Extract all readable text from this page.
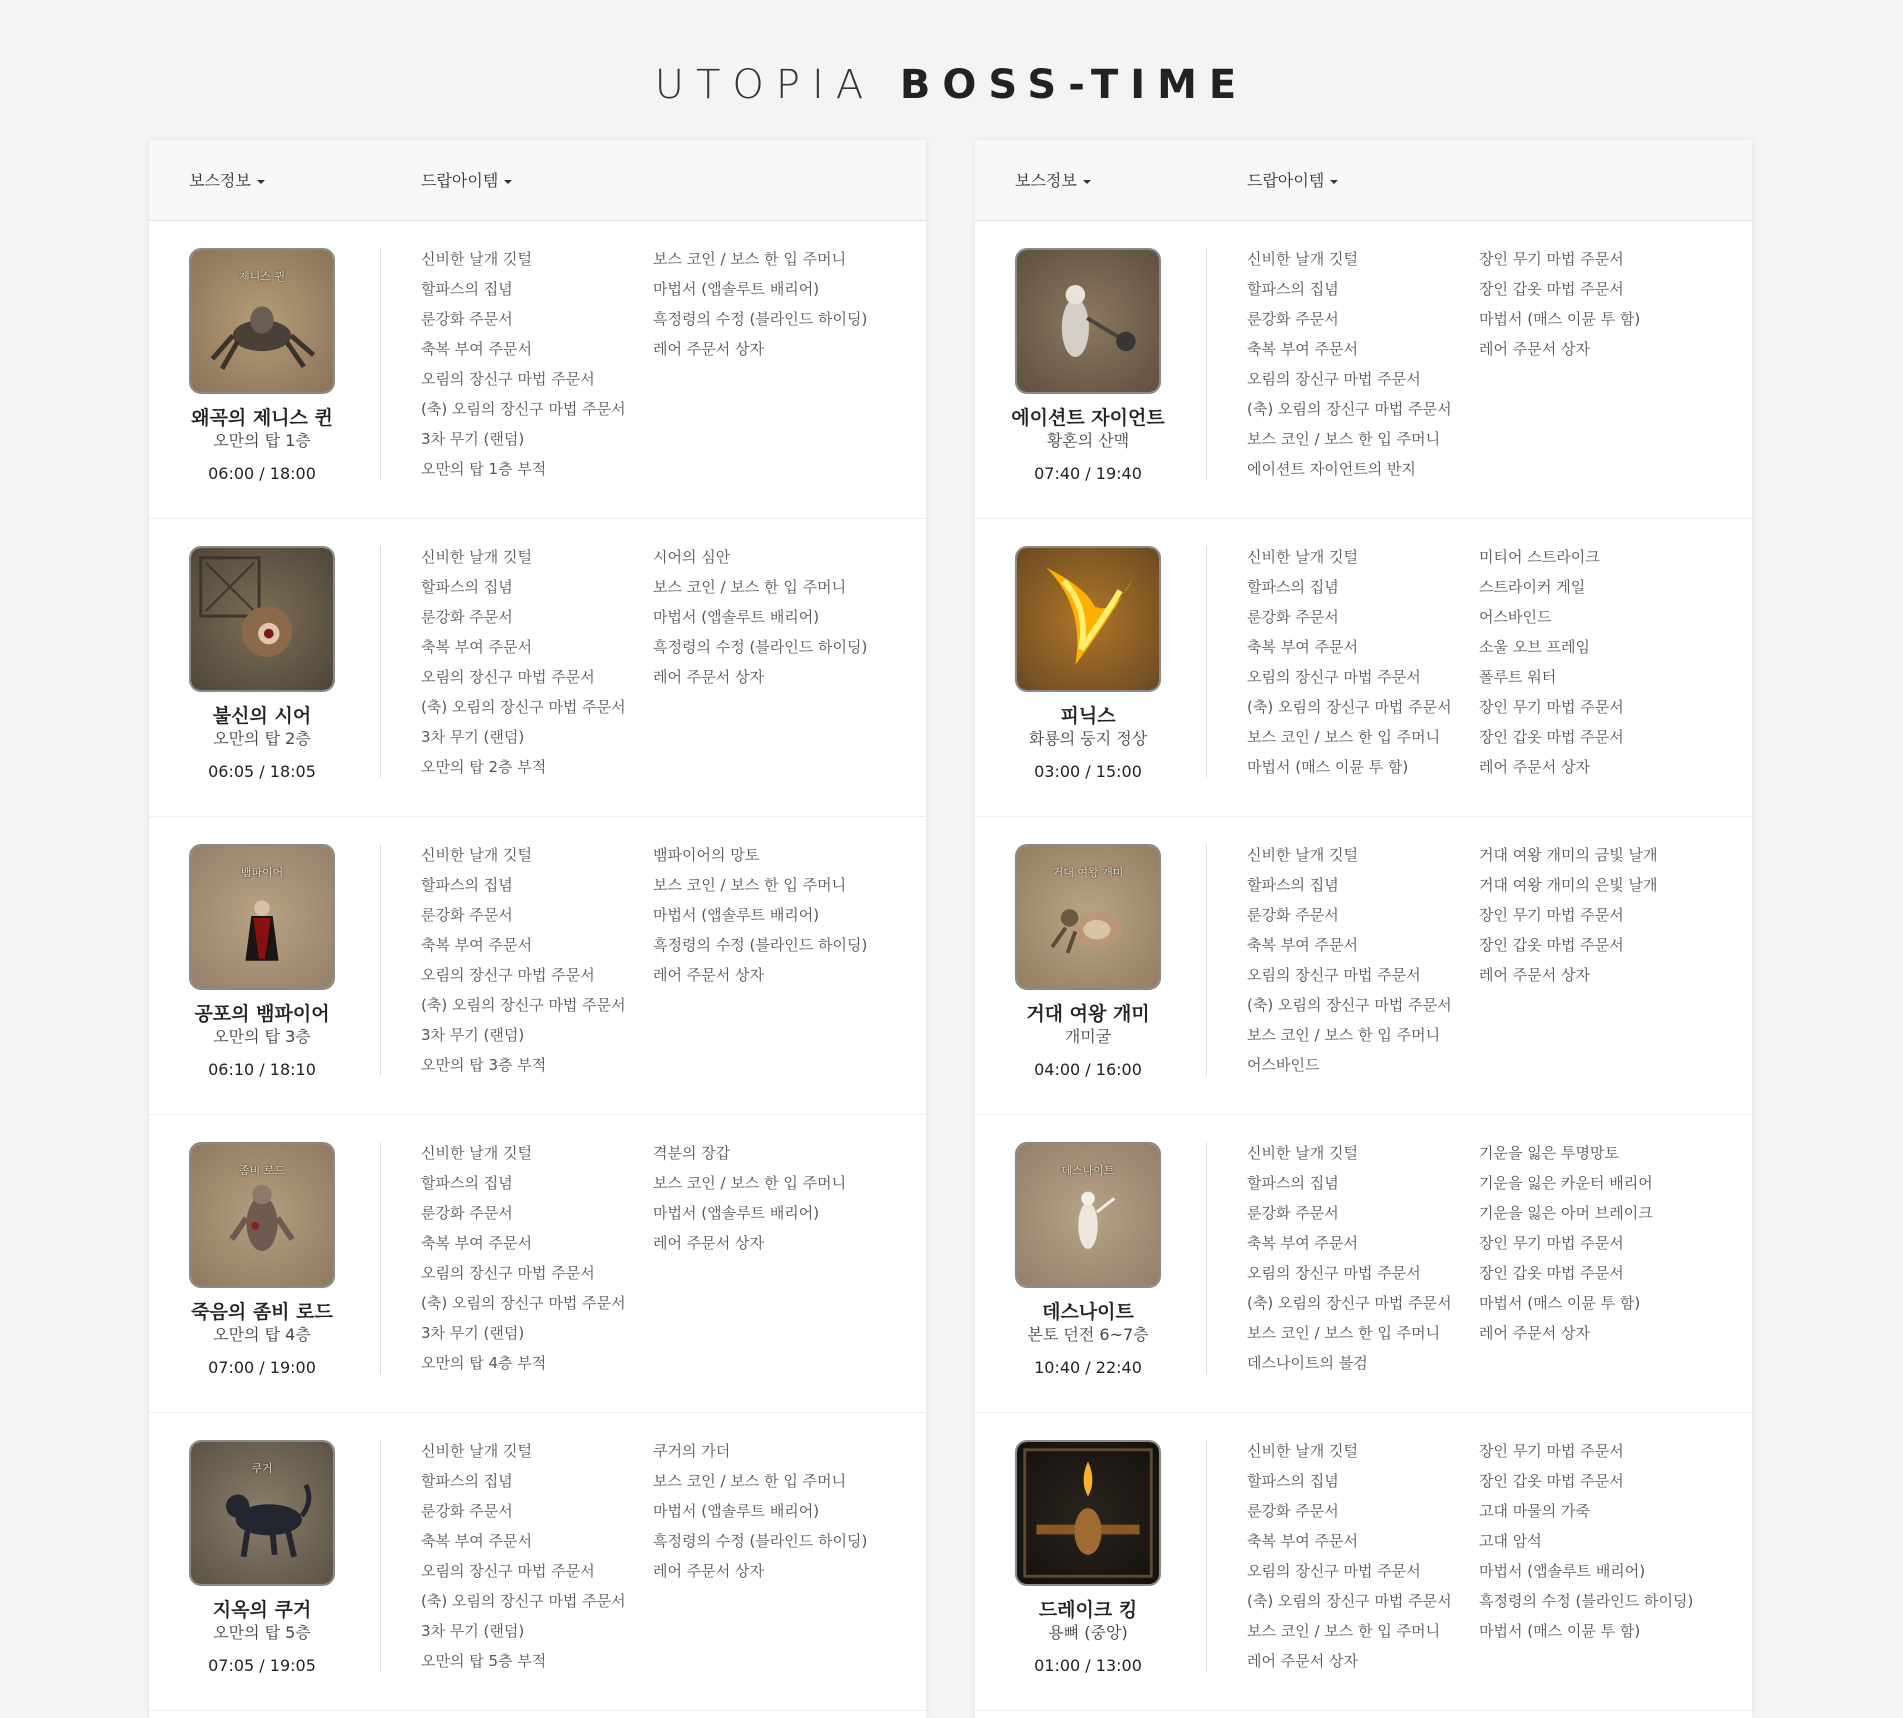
UTOPIA BOSS-TIME
보스정보	드랍아이템
제니스 퀸
왜곡의 제니스 퀸
오만의 탑 1층
06:00 / 18:00
신비한 날개 깃털
할파스의 집념
룬강화 주문서
축복 부여 주문서
오림의 장신구 마법 주문서
(축) 오림의 장신구 마법 주문서
3차 무기 (랜덤)
오만의 탑 1층 부적
보스 코인 / 보스 한 입 주머니
마법서 (앱솔루트 배리어)
흑정령의 수정 (블라인드 하이딩)
레어 주문서 상자
불신의 시어
오만의 탑 2층
06:05 / 18:05
신비한 날개 깃털
할파스의 집념
룬강화 주문서
축복 부여 주문서
오림의 장신구 마법 주문서
(축) 오림의 장신구 마법 주문서
3차 무기 (랜덤)
오만의 탑 2층 부적
시어의 심안
보스 코인 / 보스 한 입 주머니
마법서 (앱솔루트 배리어)
흑정령의 수정 (블라인드 하이딩)
레어 주문서 상자
뱀파이어
공포의 뱀파이어
오만의 탑 3층
06:10 / 18:10
신비한 날개 깃털
할파스의 집념
룬강화 주문서
축복 부여 주문서
오림의 장신구 마법 주문서
(축) 오림의 장신구 마법 주문서
3차 무기 (랜덤)
오만의 탑 3층 부적
뱀파이어의 망토
보스 코인 / 보스 한 입 주머니
마법서 (앱솔루트 배리어)
흑정령의 수정 (블라인드 하이딩)
레어 주문서 상자
좀비 로드
죽음의 좀비 로드
오만의 탑 4층
07:00 / 19:00
신비한 날개 깃털
할파스의 집념
룬강화 주문서
축복 부여 주문서
오림의 장신구 마법 주문서
(축) 오림의 장신구 마법 주문서
3차 무기 (랜덤)
오만의 탑 4층 부적
격분의 장갑
보스 코인 / 보스 한 입 주머니
마법서 (앱솔루트 배리어)
레어 주문서 상자
쿠거
지옥의 쿠거
오만의 탑 5층
07:05 / 19:05
신비한 날개 깃털
할파스의 집념
룬강화 주문서
축복 부여 주문서
오림의 장신구 마법 주문서
(축) 오림의 장신구 마법 주문서
3차 무기 (랜덤)
오만의 탑 5층 부적
쿠거의 가더
보스 코인 / 보스 한 입 주머니
마법서 (앱솔루트 배리어)
흑정령의 수정 (블라인드 하이딩)
레어 주문서 상자
보스정보	드랍아이템
에이션트 자이언트
황혼의 산맥
07:40 / 19:40
신비한 날개 깃털
할파스의 집념
룬강화 주문서
축복 부여 주문서
오림의 장신구 마법 주문서
(축) 오림의 장신구 마법 주문서
보스 코인 / 보스 한 입 주머니
에이션트 자이언트의 반지
장인 무기 마법 주문서
장인 갑옷 마법 주문서
마법서 (매스 이뮨 투 함)
레어 주문서 상자
피닉스
화룡의 둥지 정상
03:00 / 15:00
신비한 날개 깃털
할파스의 집념
룬강화 주문서
축복 부여 주문서
오림의 장신구 마법 주문서
(축) 오림의 장신구 마법 주문서
보스 코인 / 보스 한 입 주머니
마법서 (매스 이뮨 투 함)
미티어 스트라이크
스트라이커 게일
어스바인드
소울 오브 프레임
폴루트 워터
장인 무기 마법 주문서
장인 갑옷 마법 주문서
레어 주문서 상자
거대 여왕 개미
거대 여왕 개미
개미굴
04:00 / 16:00
신비한 날개 깃털
할파스의 집념
룬강화 주문서
축복 부여 주문서
오림의 장신구 마법 주문서
(축) 오림의 장신구 마법 주문서
보스 코인 / 보스 한 입 주머니
어스바인드
거대 여왕 개미의 금빛 날개
거대 여왕 개미의 은빛 날개
장인 무기 마법 주문서
장인 갑옷 마법 주문서
레어 주문서 상자
데스나이트
데스나이트
본토 던전 6~7층
10:40 / 22:40
신비한 날개 깃털
할파스의 집념
룬강화 주문서
축복 부여 주문서
오림의 장신구 마법 주문서
(축) 오림의 장신구 마법 주문서
보스 코인 / 보스 한 입 주머니
데스나이트의 불검
기운을 잃은 투명망토
기운을 잃은 카운터 배리어
기운을 잃은 아머 브레이크
장인 무기 마법 주문서
장인 갑옷 마법 주문서
마법서 (매스 이뮨 투 함)
레어 주문서 상자
드레이크 킹
용뼈 (중앙)
01:00 / 13:00
신비한 날개 깃털
할파스의 집념
룬강화 주문서
축복 부여 주문서
오림의 장신구 마법 주문서
(축) 오림의 장신구 마법 주문서
보스 코인 / 보스 한 입 주머니
레어 주문서 상자
장인 무기 마법 주문서
장인 갑옷 마법 주문서
고대 마물의 가죽
고대 암석
마법서 (앱솔루트 배리어)
흑정령의 수정 (블라인드 하이딩)
마법서 (매스 이뮨 투 함)
